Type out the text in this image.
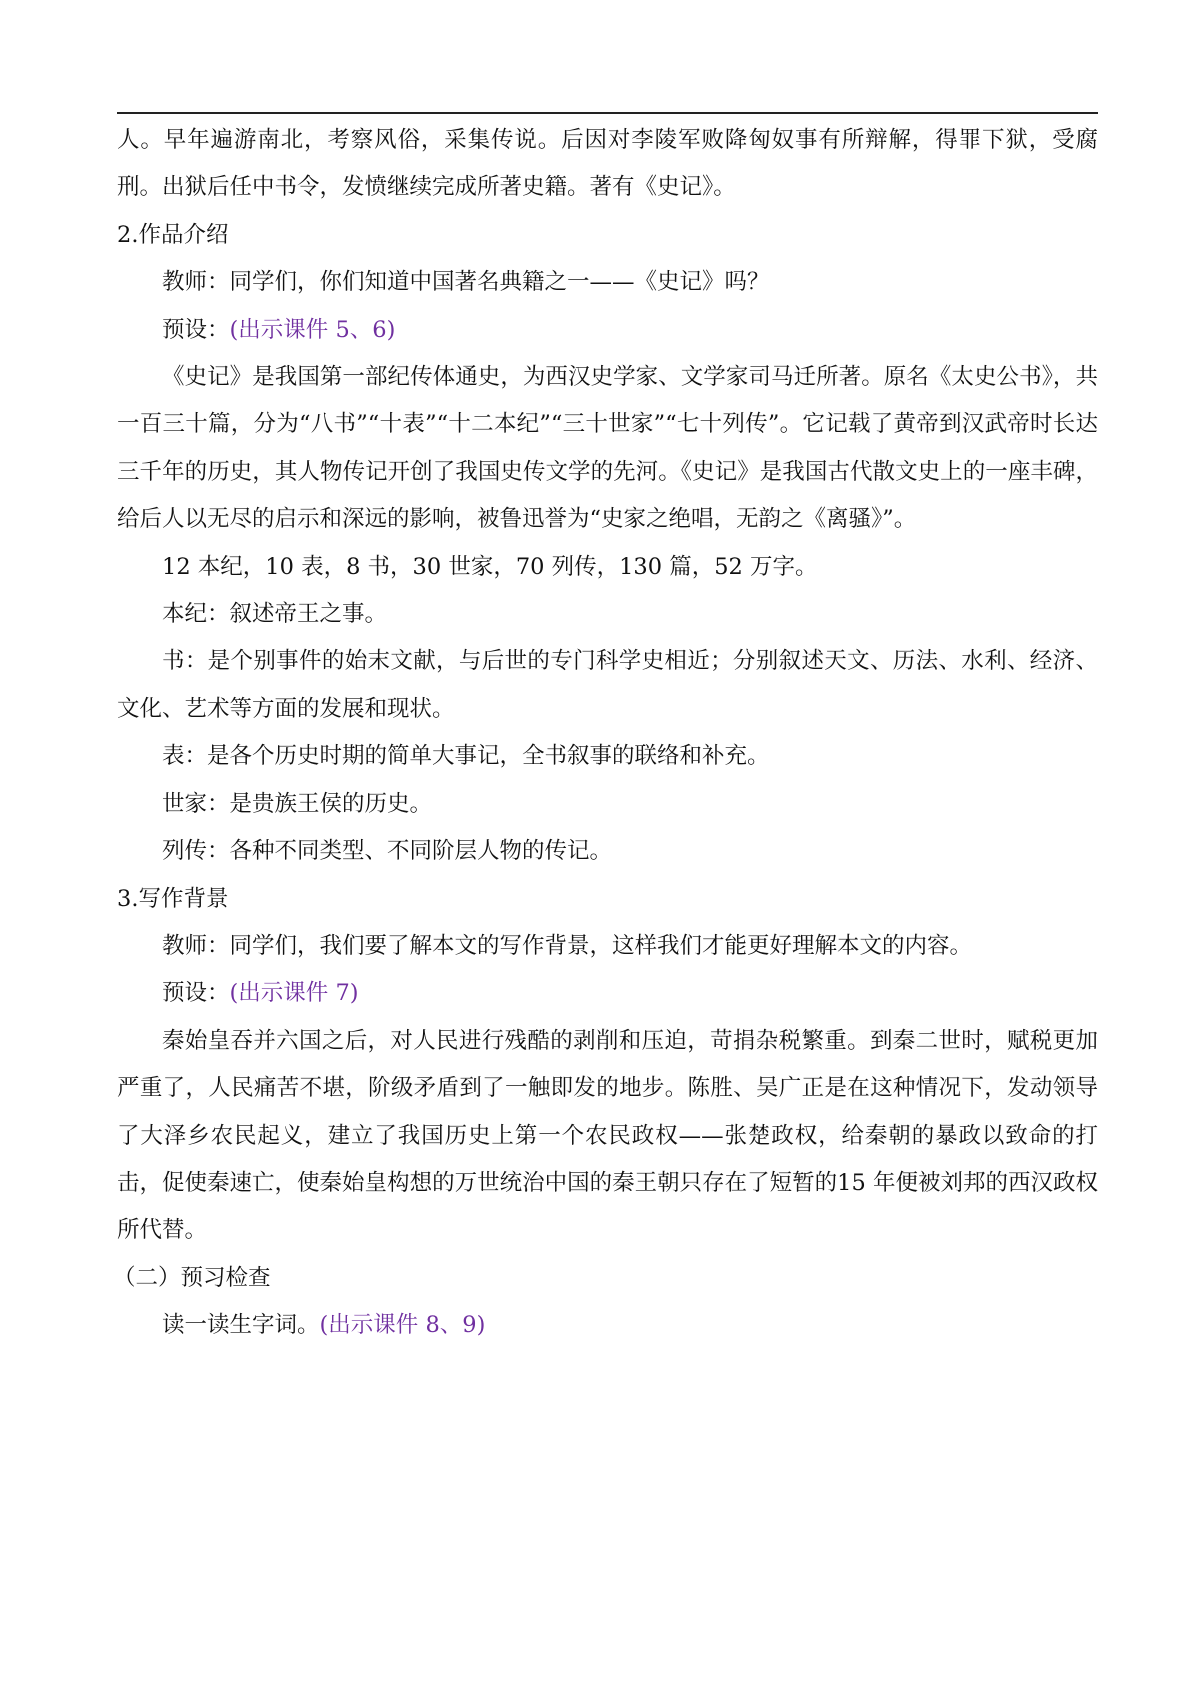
人。早年遍游南北，考察风俗，采集传说。后因对李陵军败降匈奴事有所辩解，得罪下狱，受腐刑。出狱后任中书令，发愤继续完成所著史籍。著有《史记》。

2.作品介绍

教师：同学们，你们知道中国著名典籍之一——《史记》吗？

预设：(出示课件 5、6)

《史记》是我国第一部纪传体通史，为西汉史学家、文学家司马迁所著。原名《太史公书》，共一百三十篇，分为“八书”“十表”“十二本纪”“三十世家”“七十列传”。它记载了黄帝到汉武帝时长达三千年的历史，其人物传记开创了我国史传文学的先河。《史记》是我国古代散文史上的一座丰碑，给后人以无尽的启示和深远的影响，被鲁迅誉为“史家之绝唱，无韵之《离骚》”。

12 本纪，10 表，8 书，30 世家，70 列传，130 篇，52 万字。

本纪：叙述帝王之事。

书：是个别事件的始末文献，与后世的专门科学史相近；分别叙述天文、历法、水利、经济、文化、艺术等方面的发展和现状。

表：是各个历史时期的简单大事记，全书叙事的联络和补充。

世家：是贵族王侯的历史。

列传：各种不同类型、不同阶层人物的传记。

3.写作背景

教师：同学们，我们要了解本文的写作背景，这样我们才能更好理解本文的内容。

预设：(出示课件 7)

秦始皇吞并六国之后，对人民进行残酷的剥削和压迫，苛捐杂税繁重。到秦二世时，赋税更加严重了，人民痛苦不堪，阶级矛盾到了一触即发的地步。陈胜、吴广正是在这种情况下，发动领导了大泽乡农民起义，建立了我国历史上第一个农民政权——张楚政权，给秦朝的暴政以致命的打击，促使秦速亡，使秦始皇构想的万世统治中国的秦王朝只存在了短暂的15 年便被刘邦的西汉政权所代替。

（二）预习检查

读一读生字词。(出示课件 8、9)
